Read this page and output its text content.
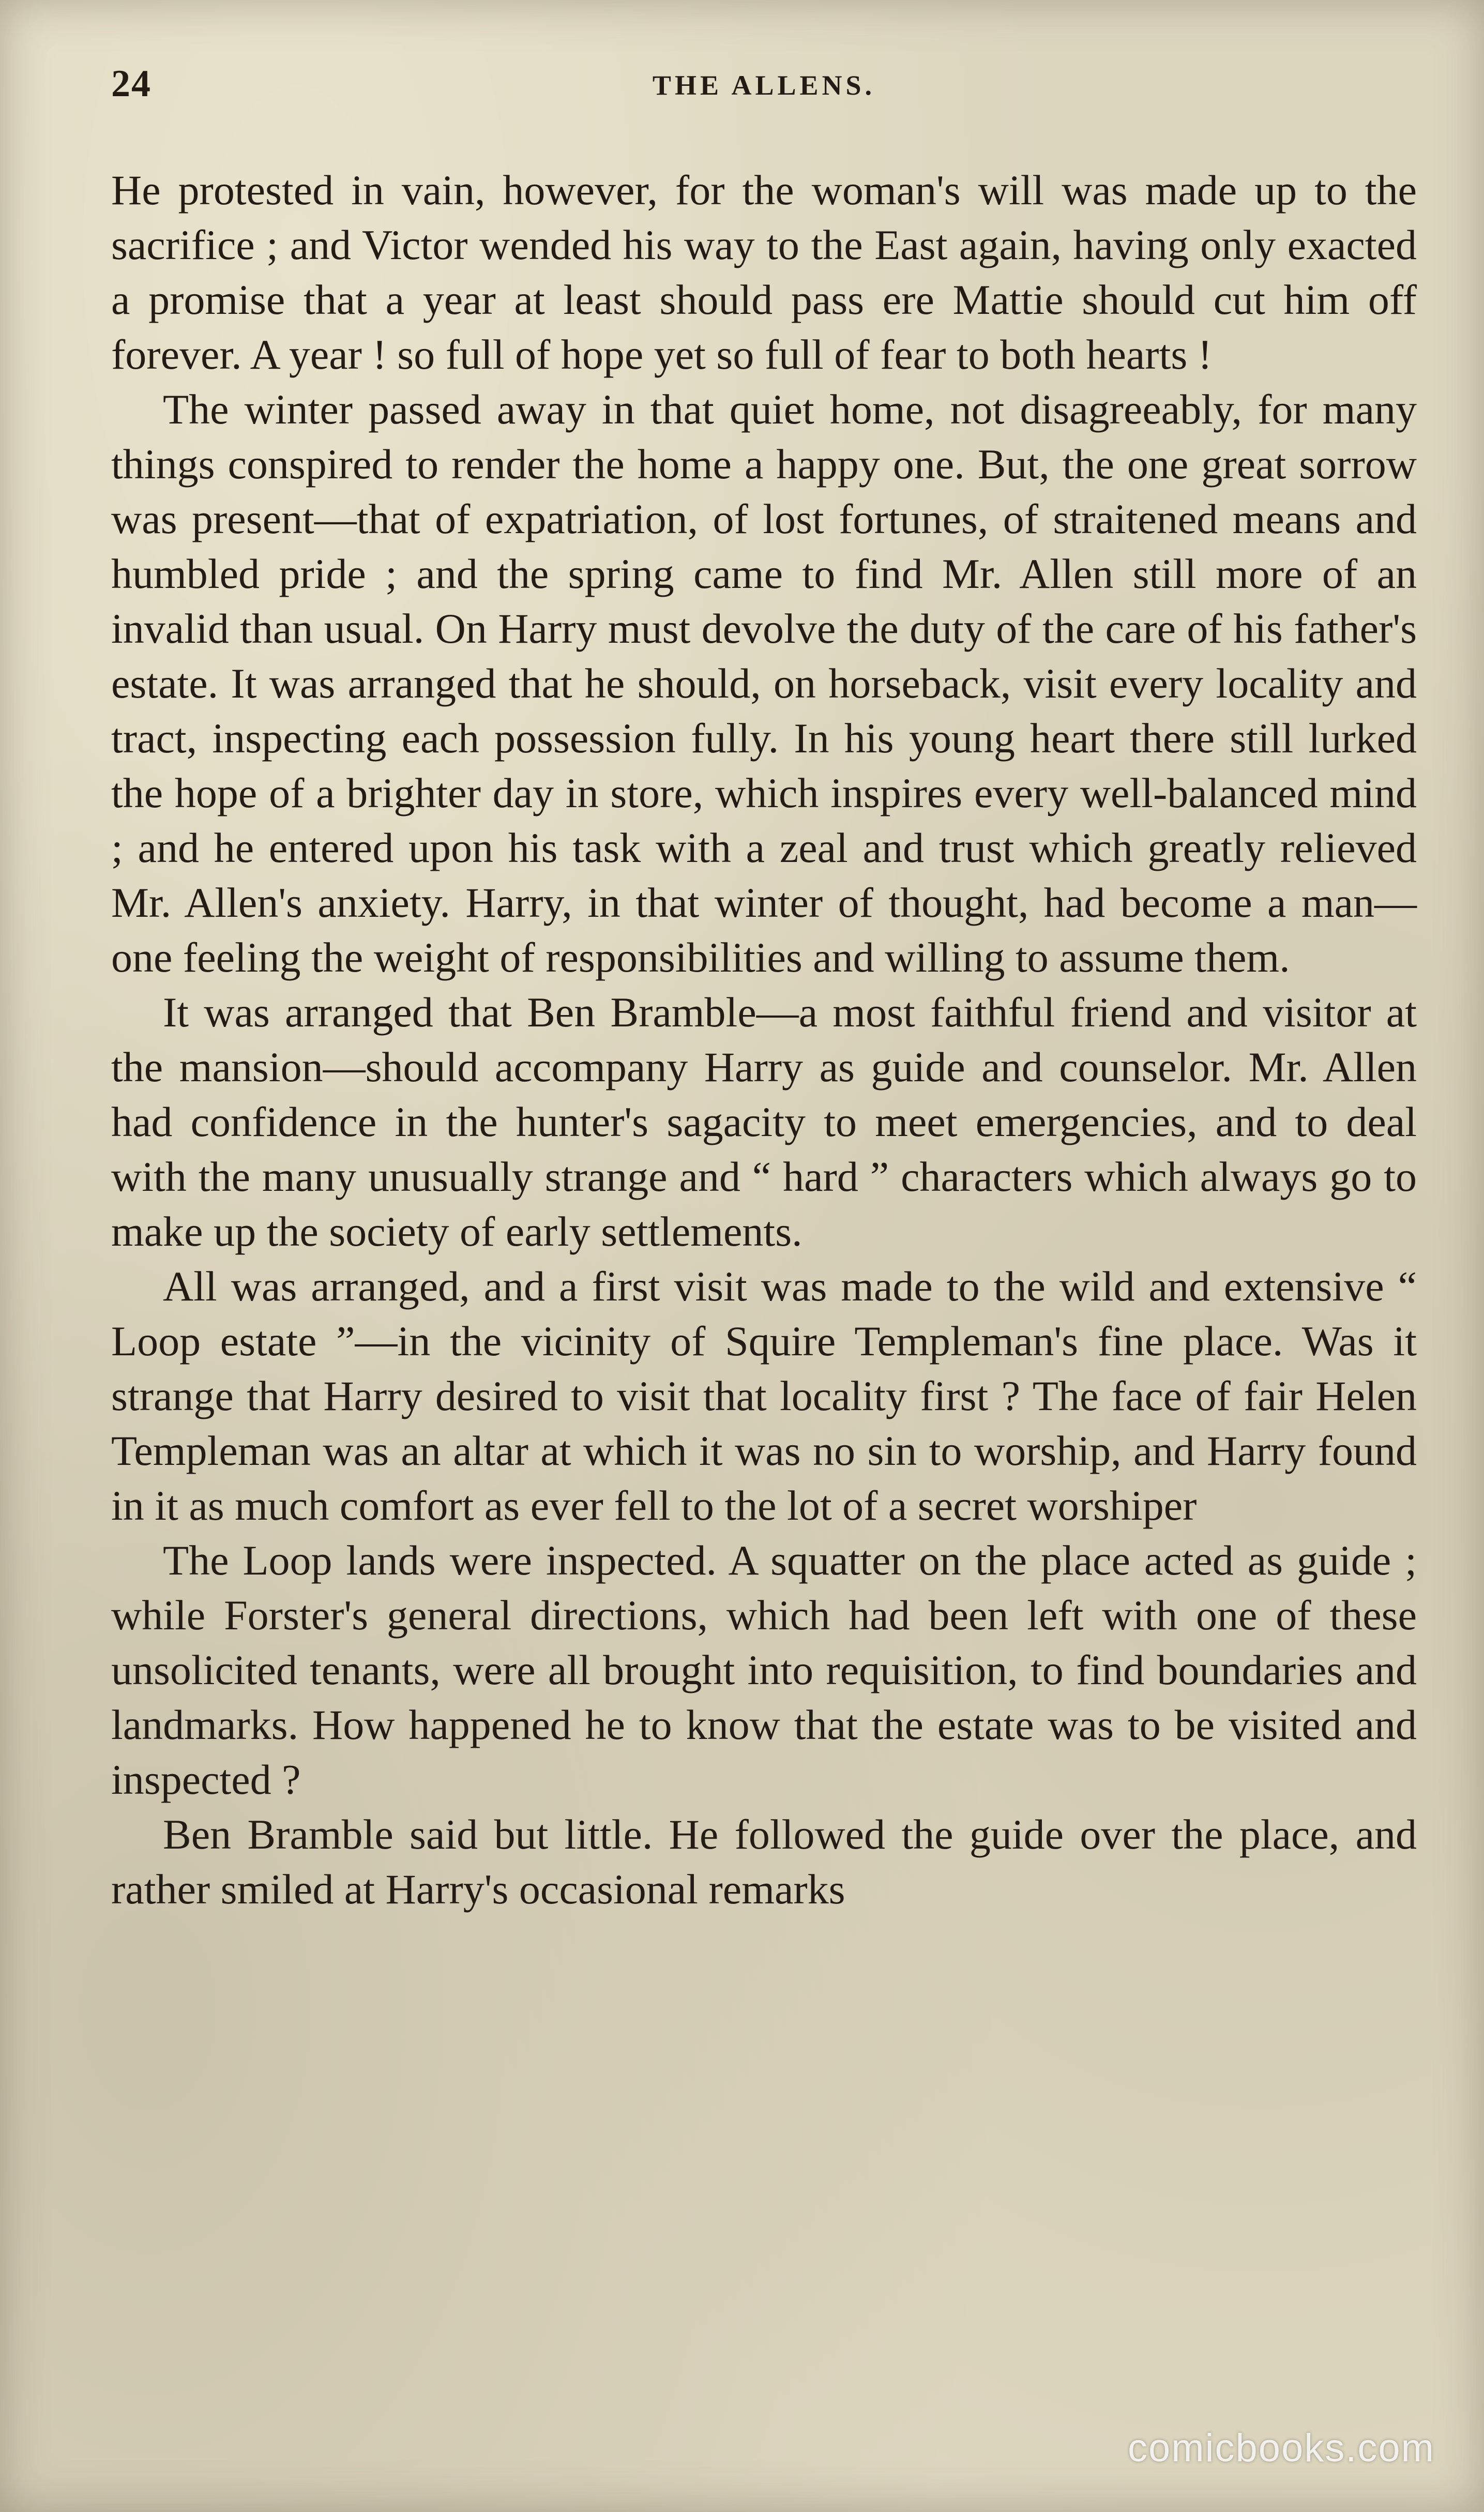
24	THE ALLENS.

He protested in vain, however, for the woman's will was made up to the sacrifice ; and Victor wended his way to the East again, having only exacted a promise that a year at least should pass ere Mattie should cut him off forever. A year ! so full of hope yet so full of fear to both hearts !

The winter passed away in that quiet home, not disagreeably, for many things conspired to render the home a happy one. But, the one great sorrow was present—that of expatriation, of lost fortunes, of straitened means and humbled pride ; and the spring came to find Mr. Allen still more of an invalid than usual. On Harry must devolve the duty of the care of his father's estate. It was arranged that he should, on horseback, visit every locality and tract, inspecting each possession fully. In his young heart there still lurked the hope of a brighter day in store, which inspires every well-balanced mind ; and he entered upon his task with a zeal and trust which greatly relieved Mr. Allen's anxiety. Harry, in that winter of thought, had become a man—one feeling the weight of responsibilities and willing to assume them.

It was arranged that Ben Bramble—a most faithful friend and visitor at the mansion—should accompany Harry as guide and counselor. Mr. Allen had confidence in the hunter's sagacity to meet emergencies, and to deal with the many unusually strange and “ hard ” characters which always go to make up the society of early settlements.

All was arranged, and a first visit was made to the wild and extensive “ Loop estate ”—in the vicinity of Squire Templeman's fine place. Was it strange that Harry desired to visit that locality first ? The face of fair Helen Templeman was an altar at which it was no sin to worship, and Harry found in it as much comfort as ever fell to the lot of a secret worshiper

The Loop lands were inspected. A squatter on the place acted as guide ; while Forster's general directions, which had been left with one of these unsolicited tenants, were all brought into requisition, to find boundaries and landmarks. How happened he to know that the estate was to be visited and inspected ?

Ben Bramble said but little. He followed the guide over the place, and rather smiled at Harry's occasional remarks

comicbooks.com
